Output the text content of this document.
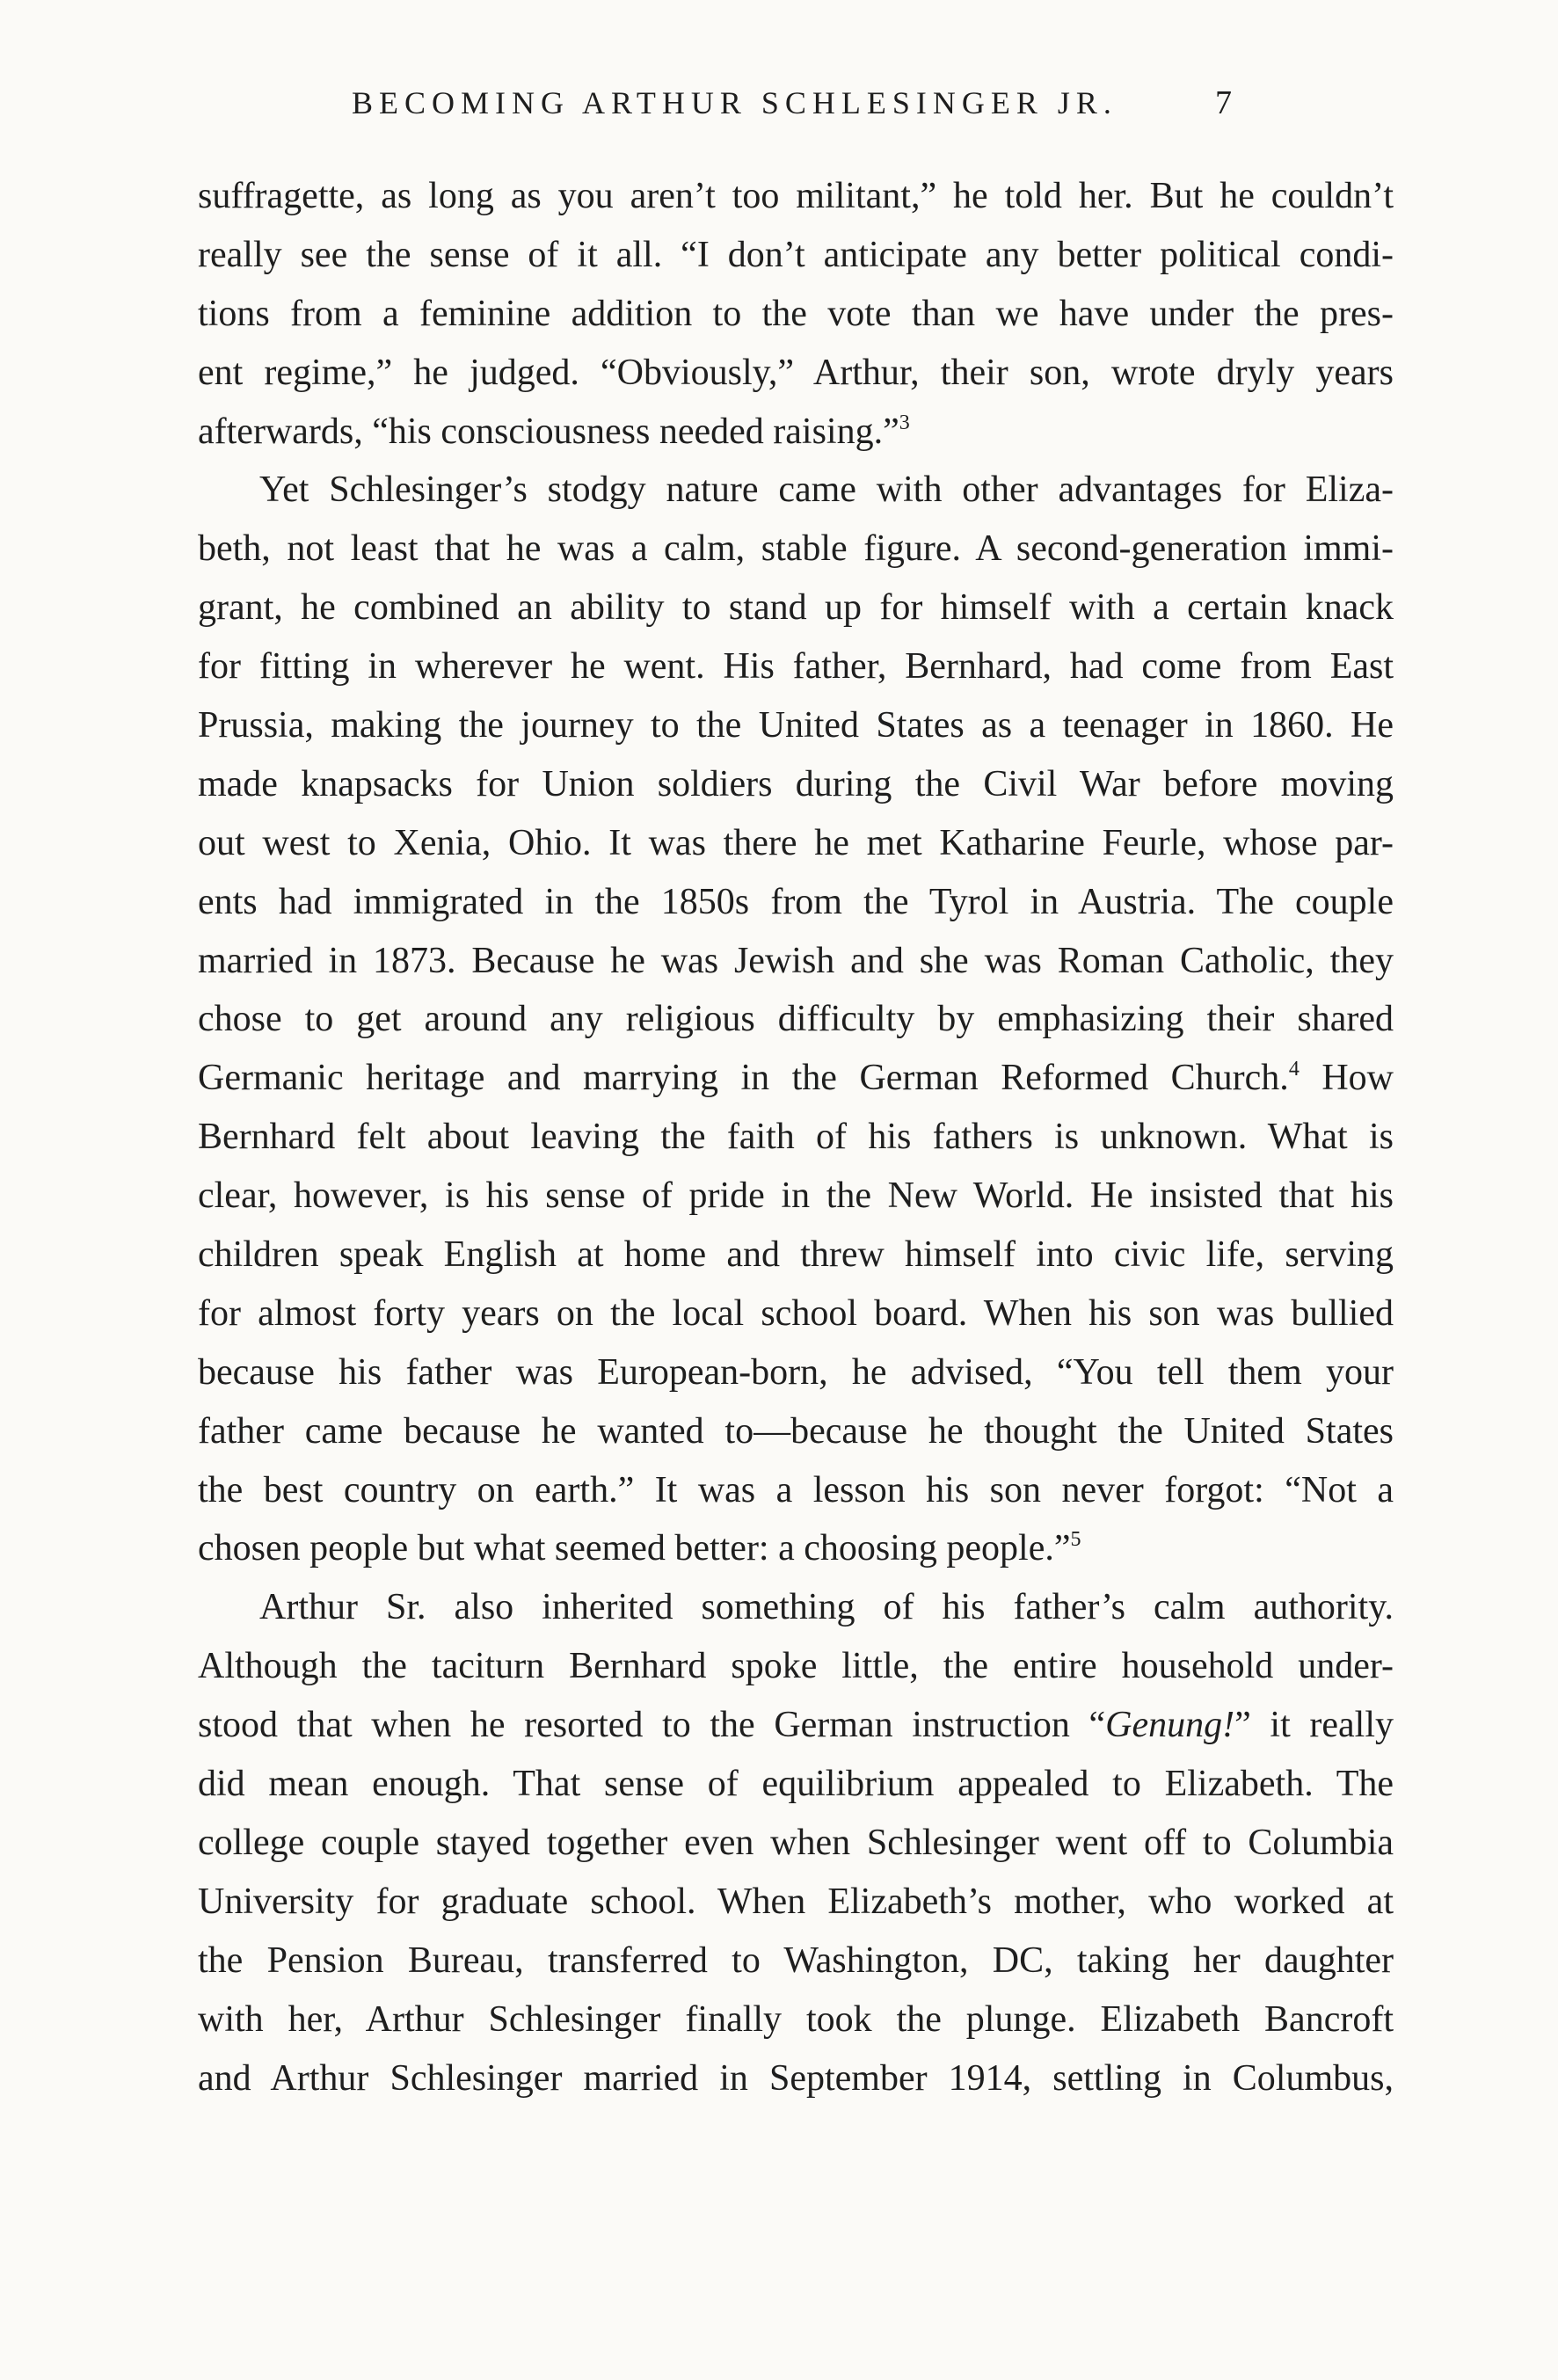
BECOMING ARTHUR SCHLESINGER JR.	7
suffragette, as long as you aren’t too militant,” he told her. But he couldn’t
really see the sense of it all. “I don’t anticipate any better political condi-
tions from a feminine addition to the vote than we have under the pres-
ent regime,” he judged. “Obviously,” Arthur, their son, wrote dryly years
afterwards, “his consciousness needed raising.”$^3$
Yet Schlesinger’s stodgy nature came with other advantages for Eliza-
beth, not least that he was a calm, stable figure. A second-generation immi-
grant, he combined an ability to stand up for himself with a certain knack
for fitting in wherever he went. His father, Bernhard, had come from East
Prussia, making the journey to the United States as a teenager in 1860. He
made knapsacks for Union soldiers during the Civil War before moving
out west to Xenia, Ohio. It was there he met Katharine Feurle, whose par-
ents had immigrated in the 1850s from the Tyrol in Austria. The couple
married in 1873. Because he was Jewish and she was Roman Catholic, they
chose to get around any religious difficulty by emphasizing their shared
Germanic heritage and marrying in the German Reformed Church.$^4$ How
Bernhard felt about leaving the faith of his fathers is unknown. What is
clear, however, is his sense of pride in the New World. He insisted that his
children speak English at home and threw himself into civic life, serving
for almost forty years on the local school board. When his son was bullied
because his father was European-born, he advised, “You tell them your
father came because he wanted to—because he thought the United States
the best country on earth.” It was a lesson his son never forgot: “Not a
chosen people but what seemed better: a choosing people.”$^5$
Arthur Sr. also inherited something of his father’s calm authority.
Although the taciturn Bernhard spoke little, the entire household under-
stood that when he resorted to the German instruction “Genung!” it really
did mean enough. That sense of equilibrium appealed to Elizabeth. The
college couple stayed together even when Schlesinger went off to Columbia
University for graduate school. When Elizabeth’s mother, who worked at
the Pension Bureau, transferred to Washington, DC, taking her daughter
with her, Arthur Schlesinger finally took the plunge. Elizabeth Bancroft
and Arthur Schlesinger married in September 1914, settling in Columbus,
